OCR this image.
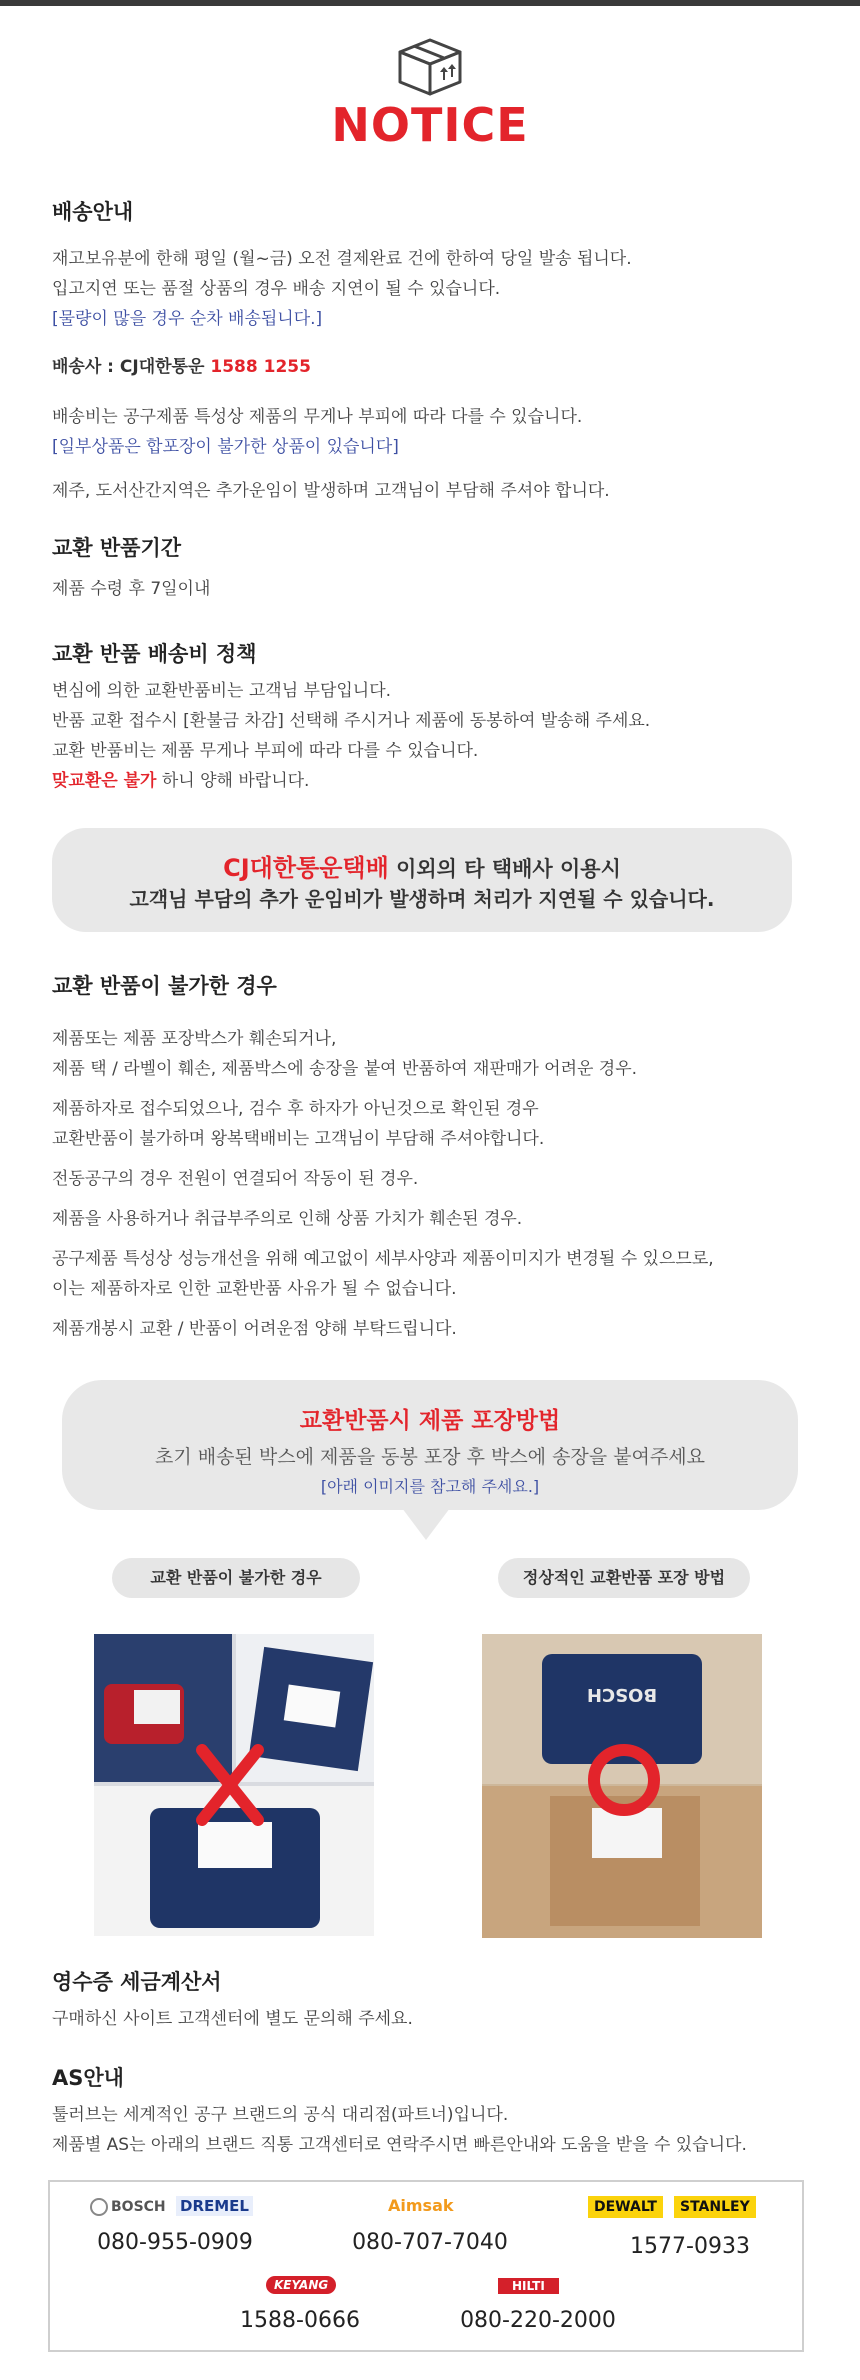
NOTICE
배송안내

재고보유분에 한해 평일 (월~금) 오전 결제완료 건에 한하여 당일 발송 됩니다.
입고지연 또는 품절 상품의 경우 배송 지연이 될 수 있습니다.
[물량이 많을 경우 순차 배송됩니다.]

배송사 : CJ대한통운 1588 1255

배송비는 공구제품 특성상 제품의 무게나 부피에 따라 다를 수 있습니다.
[일부상품은 합포장이 불가한 상품이 있습니다]

제주, 도서산간지역은 추가운임이 발생하며 고객님이 부담해 주셔야 합니다.

교환 반품기간

제품 수령 후 7일이내

교환 반품 배송비 정책

변심에 의한 교환반품비는 고객님 부담입니다.
반품 교환 접수시 [환불금 차감] 선택해 주시거나 제품에 동봉하여 발송해 주세요.
교환 반품비는 제품 무게나 부피에 따라 다를 수 있습니다.
맞교환은 불가 하니 양해 바랍니다.

CJ대한통운택배 이외의 타 택배사 이용시
고객님 부담의 추가 운임비가 발생하며 처리가 지연될 수 있습니다.
교환 반품이 불가한 경우

제품또는 제품 포장박스가 훼손되거나,
제품 택 / 라벨이 훼손, 제품박스에 송장을 붙여 반품하여 재판매가 어려운 경우.

제품하자로 접수되었으나, 검수 후 하자가 아닌것으로 확인된 경우
교환반품이 불가하며 왕복택배비는 고객님이 부담해 주셔야합니다.

전동공구의 경우 전원이 연결되어 작동이 된 경우.

제품을 사용하거나 취급부주의로 인해 상품 가치가 훼손된 경우.

공구제품 특성상 성능개선을 위해 예고없이 세부사양과 제품이미지가 변경될 수 있으므로,
이는 제품하자로 인한 교환반품 사유가 될 수 없습니다.

제품개봉시 교환 / 반품이 어려운점 양해 부탁드립니다.

교환반품시 제품 포장방법
초기 배송된 박스에 제품을 동봉 포장 후 박스에 송장을 붙여주세요
[아래 이미지를 참고해 주세요.]
교환 반품이 불가한 경우	정상적인 교환반품 포장 방법
BOSCH
영수증 세금계산서

구매하신 사이트 고객센터에 별도 문의해 주세요.

AS안내

툴러브는 세계적인 공구 브랜드의 공식 대리점(파트너)입니다.
제품별 AS는 아래의 브랜드 직통 고객센터로 연락주시면 빠른안내와 도움을 받을 수 있습니다.

BOSCH DREMEL
080-955-0909
Aimsak
080-707-7040
DEWALT	STANLEY
1577-0933
KEYANG
1588-0666
HILTI
080-220-2000
